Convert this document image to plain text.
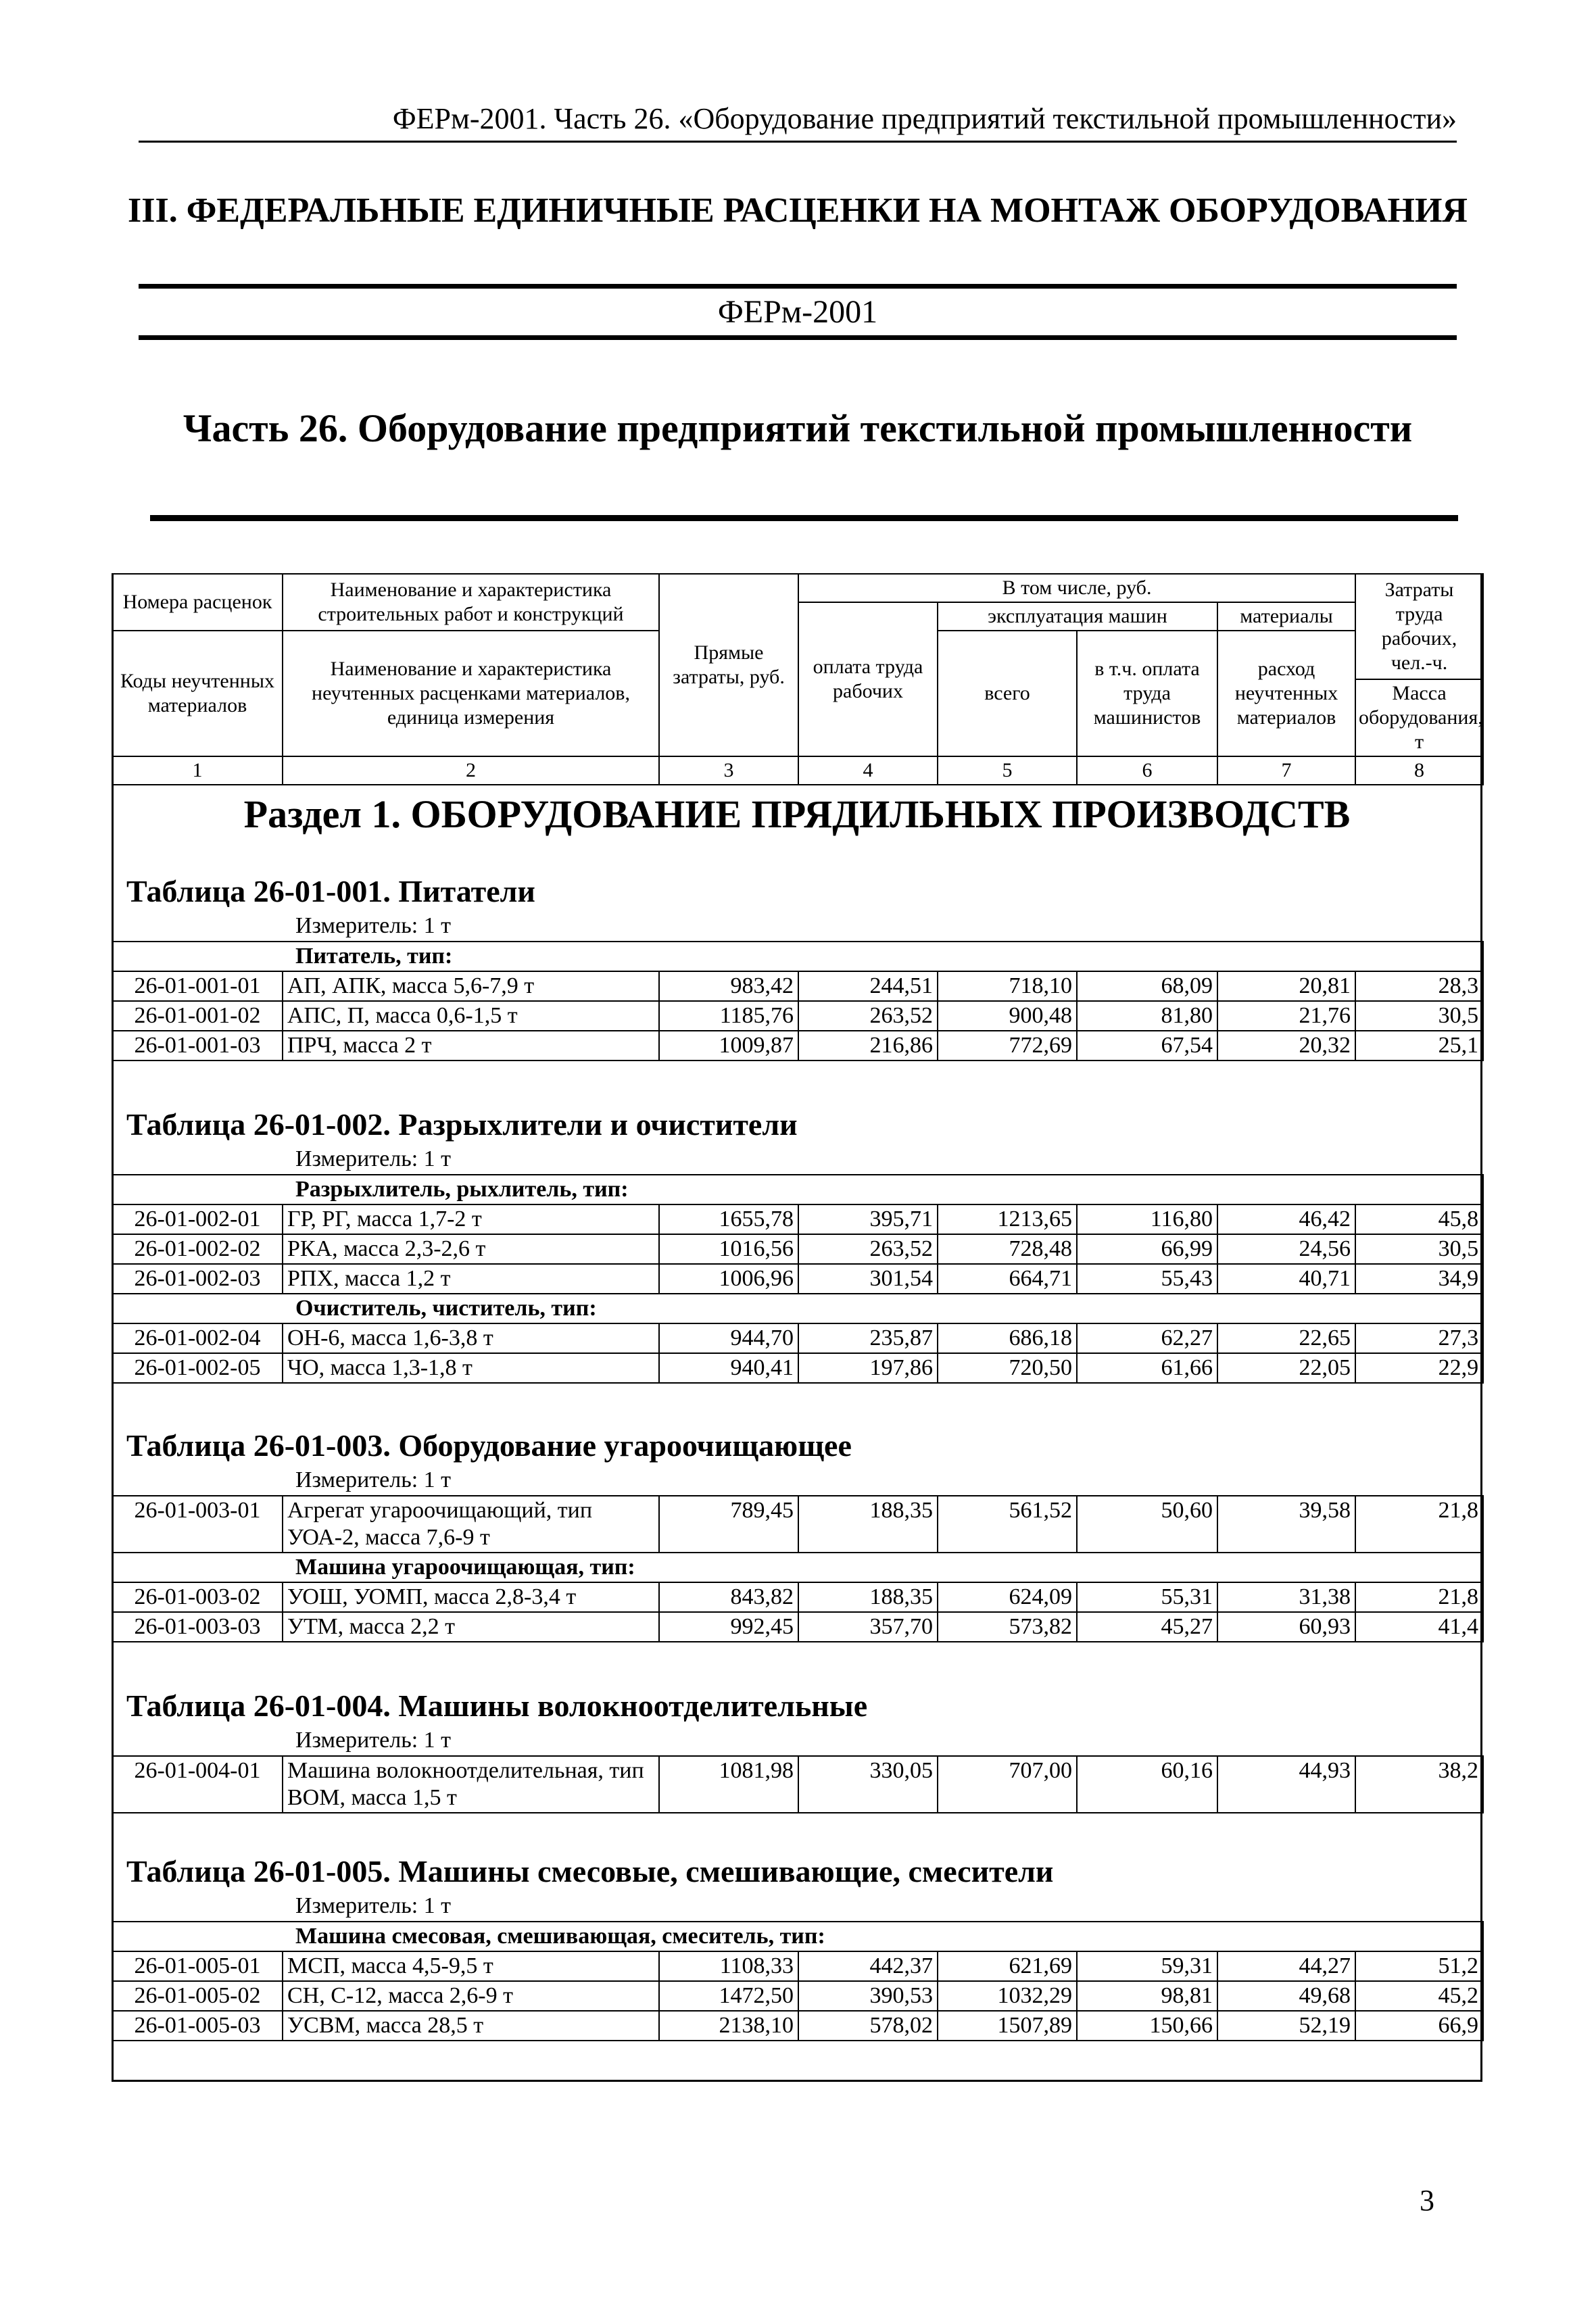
ФЕРм-2001. Часть 26. «Оборудование предприятий текстильной промышленности»
III. ФЕДЕРАЛЬНЫЕ ЕДИНИЧНЫЕ РАСЦЕНКИ НА МОНТАЖ ОБОРУДОВАНИЯ
ФЕРм-2001
Часть 26. Оборудование предприятий текстильной промышленности
Номера расценок	Наименование и характеристика строительных работ и конструкций	Прямые затраты, руб.	В том числе, руб.				Затраты труда рабочих, чел.-ч.
			оплата труда рабочих	эксплуатация машин		материалы	
Коды неучтенных материалов	Наименование и характеристика неучтенных расценками материалов, единица измерения			всего	в т.ч. оплата труда машинистов	расход неучтенных материалов	
							Масса оборудования, т
1	2	3	4	5	6	7	8
Раздел 1. ОБОРУДОВАНИЕ ПРЯДИЛЬНЫХ ПРОИЗВОДСТВ
Таблица 26-01-001. Питатели
Измеритель: 1 т
Питатель, тип:							
26-01-001-01	АП, АПК, масса 5,6-7,9 т	983,42	244,51	718,10	68,09	20,81	28,3
26-01-001-02	АПС, П, масса 0,6-1,5 т	1185,76	263,52	900,48	81,80	21,76	30,5
26-01-001-03	ПРЧ, масса 2 т	1009,87	216,86	772,69	67,54	20,32	25,1
Таблица 26-01-002. Разрыхлители и очистители
Измеритель: 1 т
Разрыхлитель, рыхлитель, тип:							
26-01-002-01	ГР, РГ, масса 1,7-2 т	1655,78	395,71	1213,65	116,80	46,42	45,8
26-01-002-02	РКА, масса 2,3-2,6 т	1016,56	263,52	728,48	66,99	24,56	30,5
26-01-002-03	РПХ, масса 1,2 т	1006,96	301,54	664,71	55,43	40,71	34,9
Очиститель, чиститель, тип:							
26-01-002-04	ОН-6, масса 1,6-3,8 т	944,70	235,87	686,18	62,27	22,65	27,3
26-01-002-05	ЧО, масса 1,3-1,8 т	940,41	197,86	720,50	61,66	22,05	22,9
Таблица 26-01-003. Оборудование угароочищающее
Измеритель: 1 т
26-01-003-01	Агрегат угароочищающий, тип УОА-2, масса 7,6-9 т	789,45	188,35	561,52	50,60	39,58	21,8
Машина угароочищающая, тип:							
26-01-003-02	УОШ, УОМП, масса 2,8-3,4 т	843,82	188,35	624,09	55,31	31,38	21,8
26-01-003-03	УТМ, масса 2,2 т	992,45	357,70	573,82	45,27	60,93	41,4
Таблица 26-01-004. Машины волокноотделительные
Измеритель: 1 т
26-01-004-01	Машина волокноотделительная, тип ВОМ, масса 1,5 т	1081,98	330,05	707,00	60,16	44,93	38,2
Таблица 26-01-005. Машины смесовые, смешивающие, смесители
Измеритель: 1 т
Машина смесовая, смешивающая, смеситель, тип:							
26-01-005-01	МСП, масса 4,5-9,5 т	1108,33	442,37	621,69	59,31	44,27	51,2
26-01-005-02	СН, С-12, масса 2,6-9 т	1472,50	390,53	1032,29	98,81	49,68	45,2
26-01-005-03	УСВМ, масса 28,5 т	2138,10	578,02	1507,89	150,66	52,19	66,9
3
